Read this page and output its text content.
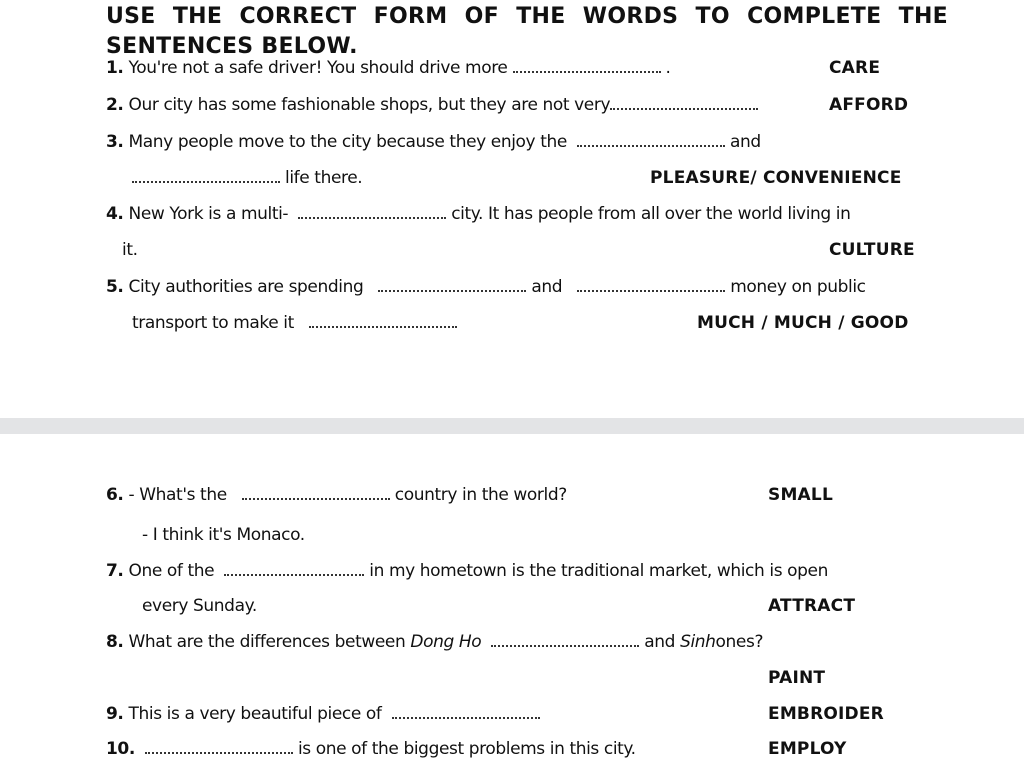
USE THE CORRECT FORM OF THE WORDS TO COMPLETE THE SENTENCES BELOW.
1. You're not a safe driver! You should drive more	.	CARE
2. Our city has some fashionable shops, but they are not very	AFFORD
3. Many people move to the city because they enjoy the	and
life there.	PLEASURE/ CONVENIENCE
4. New York is a multi-	city. It has people from all over the world living in
it.	CULTURE
5. City authorities are spending	and	money on public
transport to make it	MUCH / MUCH / GOOD
6. - What's the	country in the world?	SMALL
- I think it's Monaco.
7. One of the	in my hometown is the traditional market, which is open
every Sunday.	ATTRACT
8. What are the differences between Dong Ho	and Sinhones?
PAINT
9. This is a very beautiful piece of	EMBROIDER
10.	is one of the biggest problems in this city.	EMPLOY
